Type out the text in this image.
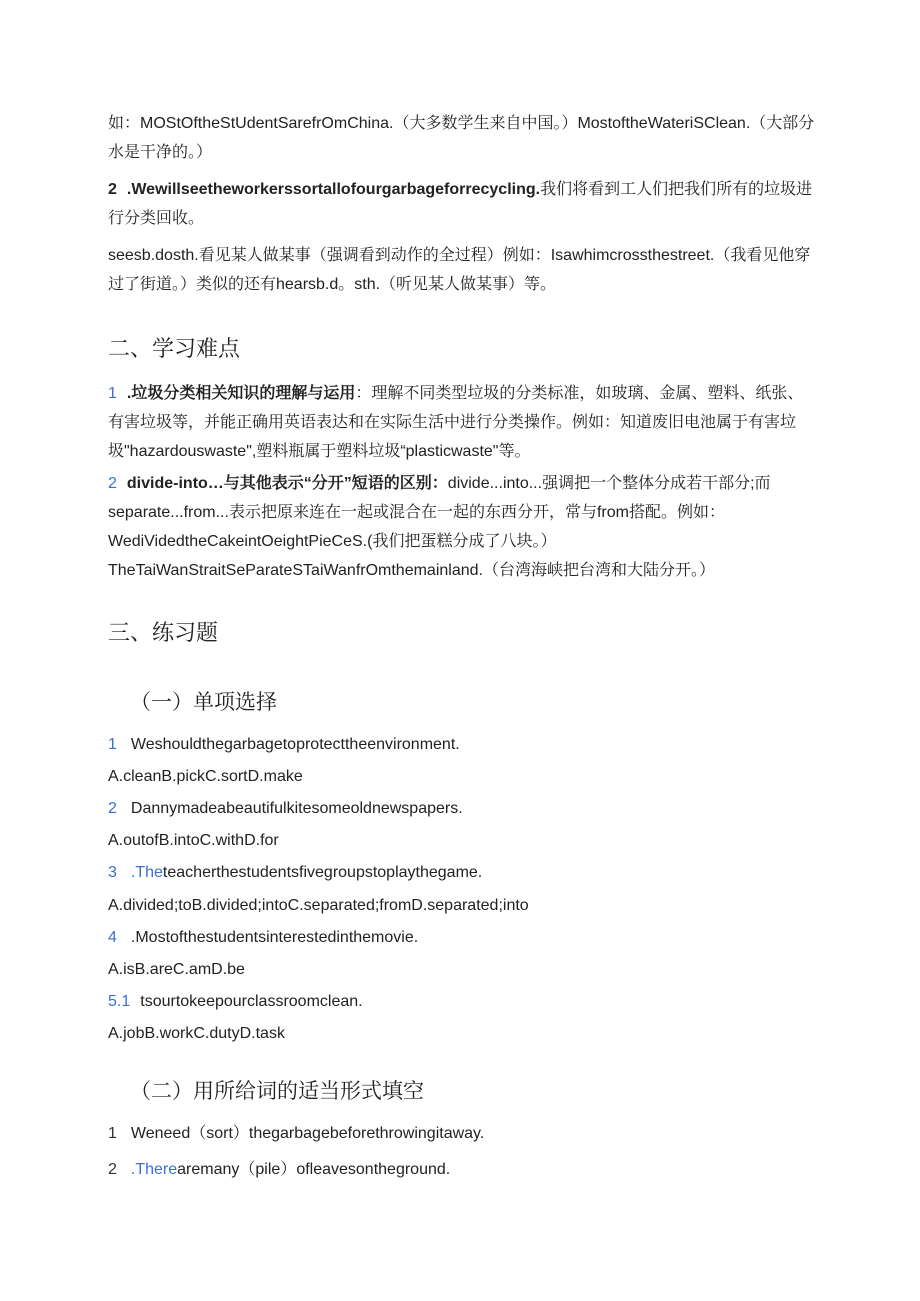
如：MOStOftheStUdentSarefrOmChina.（大多数学生来自中国。）MostoftheWateriSClean.（大部分水是干净的。）
2 .Wewillseetheworkerssortallofourgarbageforrecycling.我们将看到工人们把我们所有的垃圾进行分类回收。
seesb.dosth.看见某人做某事（强调看到动作的全过程）例如：Isawhimcrossthestreet.（我看见他穿过了街道。）类似的还有hearsb.d。sth.（听见某人做某事）等。
二、学习难点
1 .垃圾分类相关知识的理解与运用：理解不同类型垃圾的分类标准，如玻璃、金属、塑料、纸张、有害垃圾等，并能正确用英语表达和在实际生活中进行分类操作。例如：知道废旧电池属于有害垃圾"hazardouswaste",塑料瓶属于塑料垃圾“plasticwaste"等。
2 divide-into…与其他表示“分开”短语的区别：divide...into...强调把一个整体分成若干部分;而separate...from...表示把原来连在一起或混合在一起的东西分开，常与from搭配。例如：WediVidedtheCakeintOeightPieCeS.(我们把蛋糕分成了八块。）TheTaiWanStraitSeParateSTaiWanfrOmthemainland.（台湾海峡把台湾和大陆分开。）
三、练习题
（一）单项选择
1 Weshouldthegarbagetoprotecttheenvironment.
A.cleanB.pickC.sortD.make
2 Dannymadeabeautifulkitesomeoldnewspapers.
A.outofB.intoC.withD.for
3 .Theteacherthestudentsfivegroupstoplaythegame.
A.divided;toB.divided;intoC.separated;fromD.separated;into
4 .Mostofthestudentsinterestedinthemovie.
A.isB.areC.amD.be
5.1 tsourtokeepourclassroomclean.
A.jobB.workC.dutyD.task
（二）用所给词的适当形式填空
1 Weneed（sort）thegarbagebeforethrowingitaway.
2 .Therearemany（pile）ofleavesontheground.
